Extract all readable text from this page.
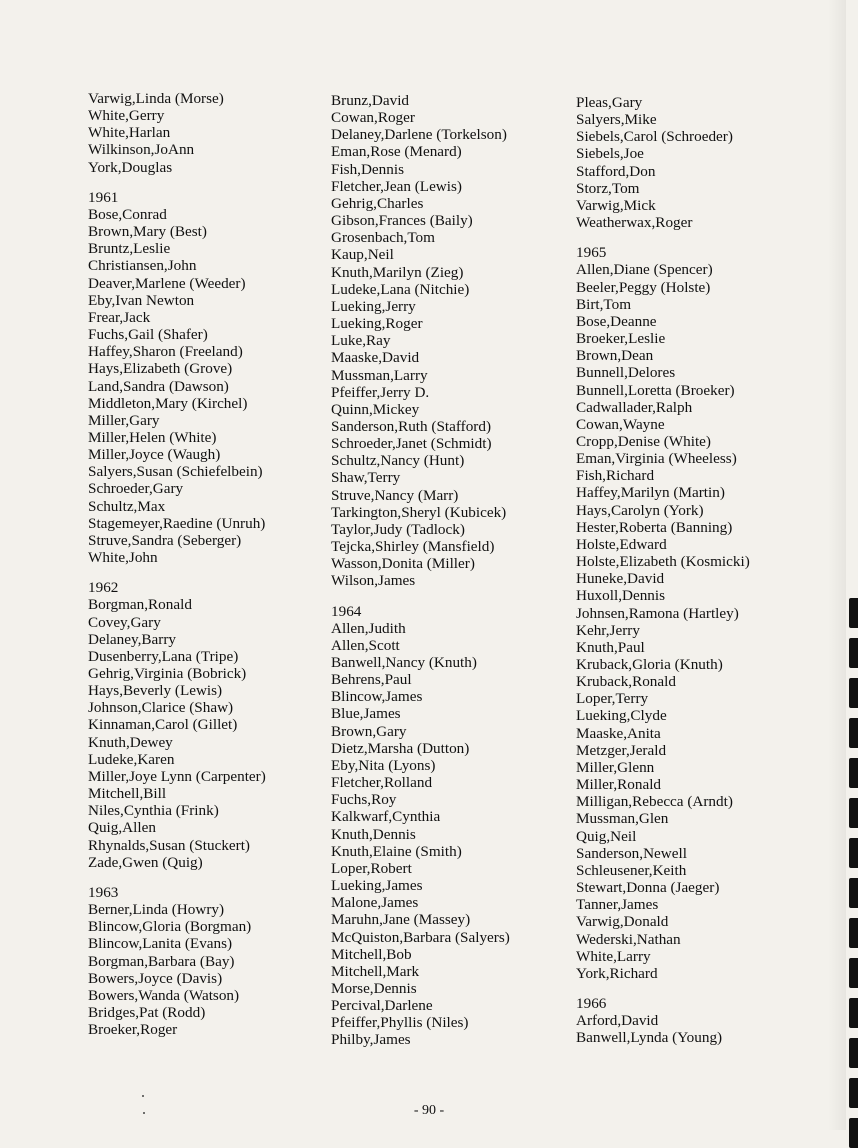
Varwig,Linda (Morse)
White,Gerry
White,Harlan
Wilkinson,JoAnn
York,Douglas
1961
Bose,Conrad
Brown,Mary (Best)
Bruntz,Leslie
Christiansen,John
Deaver,Marlene (Weeder)
Eby,Ivan Newton
Frear,Jack
Fuchs,Gail (Shafer)
Haffey,Sharon (Freeland)
Hays,Elizabeth (Grove)
Land,Sandra (Dawson)
Middleton,Mary (Kirchel)
Miller,Gary
Miller,Helen (White)
Miller,Joyce (Waugh)
Salyers,Susan (Schiefelbein)
Schroeder,Gary
Schultz,Max
Stagemeyer,Raedine (Unruh)
Struve,Sandra (Seberger)
White,John
1962
Borgman,Ronald
Covey,Gary
Delaney,Barry
Dusenberry,Lana (Tripe)
Gehrig,Virginia (Bobrick)
Hays,Beverly (Lewis)
Johnson,Clarice (Shaw)
Kinnaman,Carol (Gillet)
Knuth,Dewey
Ludeke,Karen
Miller,Joye Lynn (Carpenter)
Mitchell,Bill
Niles,Cynthia (Frink)
Quig,Allen
Rhynalds,Susan (Stuckert)
Zade,Gwen (Quig)
1963
Berner,Linda (Howry)
Blincow,Gloria (Borgman)
Blincow,Lanita (Evans)
Borgman,Barbara (Bay)
Bowers,Joyce (Davis)
Bowers,Wanda (Watson)
Bridges,Pat (Rodd)
Broeker,Roger
Brunz,David
Cowan,Roger
Delaney,Darlene (Torkelson)
Eman,Rose (Menard)
Fish,Dennis
Fletcher,Jean (Lewis)
Gehrig,Charles
Gibson,Frances (Baily)
Grosenbach,Tom
Kaup,Neil
Knuth,Marilyn (Zieg)
Ludeke,Lana (Nitchie)
Lueking,Jerry
Lueking,Roger
Luke,Ray
Maaske,David
Mussman,Larry
Pfeiffer,Jerry D.
Quinn,Mickey
Sanderson,Ruth (Stafford)
Schroeder,Janet (Schmidt)
Schultz,Nancy (Hunt)
Shaw,Terry
Struve,Nancy (Marr)
Tarkington,Sheryl (Kubicek)
Taylor,Judy (Tadlock)
Tejcka,Shirley (Mansfield)
Wasson,Donita (Miller)
Wilson,James
1964
Allen,Judith
Allen,Scott
Banwell,Nancy (Knuth)
Behrens,Paul
Blincow,James
Blue,James
Brown,Gary
Dietz,Marsha (Dutton)
Eby,Nita (Lyons)
Fletcher,Rolland
Fuchs,Roy
Kalkwarf,Cynthia
Knuth,Dennis
Knuth,Elaine (Smith)
Loper,Robert
Lueking,James
Malone,James
Maruhn,Jane (Massey)
McQuiston,Barbara (Salyers)
Mitchell,Bob
Mitchell,Mark
Morse,Dennis
Percival,Darlene
Pfeiffer,Phyllis (Niles)
Philby,James
Pleas,Gary
Salyers,Mike
Siebels,Carol (Schroeder)
Siebels,Joe
Stafford,Don
Storz,Tom
Varwig,Mick
Weatherwax,Roger
1965
Allen,Diane (Spencer)
Beeler,Peggy (Holste)
Birt,Tom
Bose,Deanne
Broeker,Leslie
Brown,Dean
Bunnell,Delores
Bunnell,Loretta (Broeker)
Cadwallader,Ralph
Cowan,Wayne
Cropp,Denise (White)
Eman,Virginia (Wheeless)
Fish,Richard
Haffey,Marilyn (Martin)
Hays,Carolyn (York)
Hester,Roberta (Banning)
Holste,Edward
Holste,Elizabeth (Kosmicki)
Huneke,David
Huxoll,Dennis
Johnsen,Ramona (Hartley)
Kehr,Jerry
Knuth,Paul
Kruback,Gloria (Knuth)
Kruback,Ronald
Loper,Terry
Lueking,Clyde
Maaske,Anita
Metzger,Jerald
Miller,Glenn
Miller,Ronald
Milligan,Rebecca (Arndt)
Mussman,Glen
Quig,Neil
Sanderson,Newell
Schleusener,Keith
Stewart,Donna (Jaeger)
Tanner,James
Varwig,Donald
Wederski,Nathan
White,Larry
York,Richard
1966
Arford,David
Banwell,Lynda (Young)
- 90 -
